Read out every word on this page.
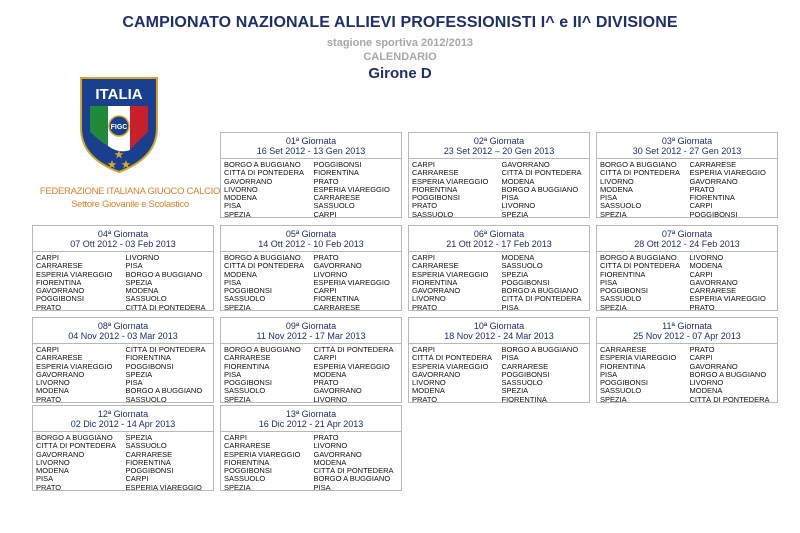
CAMPIONATO NAZIONALE ALLIEVI PROFESSIONISTI I^ e II^ DIVISIONE
stagione sportiva 2012/2013
CALENDARIO
Girone D
ITALIA
FIGC
FEDERAZIONE ITALIANA GIUOCO CALCIO
Settore Giovanile e Scolastico
01ª Giornata
16 Set 2012 - 13 Gen 2013
BORGO A BUGGIANO	POGGIBONSI
CITTÀ DI PONTEDERA	FIORENTINA
GAVORRANO	PRATO
LIVORNO	ESPERIA VIAREGGIO
MODENA	CARRARESE
PISA	SASSUOLO
SPEZIA	CARPI
02ª Giornata
23 Set 2012 – 20 Gen 2013
CARPI	GAVORRANO
CARRARESE	CITTÀ DI PONTEDERA
ESPERIA VIAREGGIO	MODENA
FIORENTINA	BORGO A BUGGIANO
POGGIBONSI	PISA
PRATO	LIVORNO
SASSUOLO	SPEZIA
03ª Giornata
30 Set 2012 - 27 Gen 2013
BORGO A BUGGIANO	CARRARESE
CITTÀ DI PONTEDERA	ESPERIA VIAREGGIO
LIVORNO	GAVORRANO
MODENA	PRATO
PISA	FIORENTINA
SASSUOLO	CARPI
SPEZIA	POGGIBONSI
04ª Giornata
07 Ott 2012 - 03 Feb 2013
CARPI	LIVORNO
CARRARESE	PISA
ESPERIA VIAREGGIO	BORGO A BUGGIANO
FIORENTINA	SPEZIA
GAVORRANO	MODENA
POGGIBONSI	SASSUOLO
PRATO	CITTÀ DI PONTEDERA
05ª Giornata
14 Ott 2012 - 10 Feb 2013
BORGO A BUGGIANO	PRATO
CITTÀ DI PONTEDERA	GAVORRANO
MODENA	LIVORNO
PISA	ESPERIA VIAREGGIO
POGGIBONSI	CARPI
SASSUOLO	FIORENTINA
SPEZIA	CARRARESE
06ª Giornata
21 Ott 2012 - 17 Feb 2013
CARPI	MODENA
CARRARESE	SASSUOLO
ESPERIA VIAREGGIO	SPEZIA
FIORENTINA	POGGIBONSI
GAVORRANO	BORGO A BUGGIANO
LIVORNO	CITTÀ DI PONTEDERA
PRATO	PISA
07ª Giornata
28 Ott 2012 - 24 Feb 2013
BORGO A BUGGIANO	LIVORNO
CITTÀ DI PONTEDERA	MODENA
FIORENTINA	CARPI
PISA	GAVORRANO
POGGIBONSI	CARRARESE
SASSUOLO	ESPERIA VIAREGGIO
SPEZIA	PRATO
08ª Giornata
04 Nov 2012 - 03 Mar 2013
CARPI	CITTÀ DI PONTEDERA
CARRARESE	FIORENTINA
ESPERIA VIAREGGIO	POGGIBONSI
GAVORRANO	SPEZIA
LIVORNO	PISA
MODENA	BORGO A BUGGIANO
PRATO	SASSUOLO
09ª Giornata
11 Nov 2012 - 17 Mar 2013
BORGO A BUGGIANO	CITTÀ DI PONTEDERA
CARRARESE	CARPI
FIORENTINA	ESPERIA VIAREGGIO
PISA	MODENA
POGGIBONSI	PRATO
SASSUOLO	GAVORRANO
SPEZIA	LIVORNO
10ª Giornata
18 Nov 2012 - 24 Mar 2013
CARPI	BORGO A BUGGIANO
CITTÀ DI PONTEDERA	PISA
ESPERIA VIAREGGIO	CARRARESE
GAVORRANO	POGGIBONSI
LIVORNO	SASSUOLO
MODENA	SPEZIA
PRATO	FIORENTINA
11ª Giornata
25 Nov 2012 - 07 Apr 2013
CARRARESE	PRATO
ESPERIA VIAREGGIO	CARPI
FIORENTINA	GAVORRANO
PISA	BORGO A BUGGIANO
POGGIBONSI	LIVORNO
SASSUOLO	MODENA
SPEZIA	CITTÀ DI PONTEDERA
12ª Giornata
02 Dic 2012 - 14 Apr 2013
BORGO A BUGGIANO	SPEZIA
CITTÀ DI PONTEDERA	SASSUOLO
GAVORRANO	CARRARESE
LIVORNO	FIORENTINA
MODENA	POGGIBONSI
PISA	CARPI
PRATO	ESPERIA VIAREGGIO
13ª Giornata
16 Dic 2012 - 21 Apr 2013
CARPI	PRATO
CARRARESE	LIVORNO
ESPERIA VIAREGGIO	GAVORRANO
FIORENTINA	MODENA
POGGIBONSI	CITTÀ DI PONTEDERA
SASSUOLO	BORGO A BUGGIANO
SPEZIA	PISA
